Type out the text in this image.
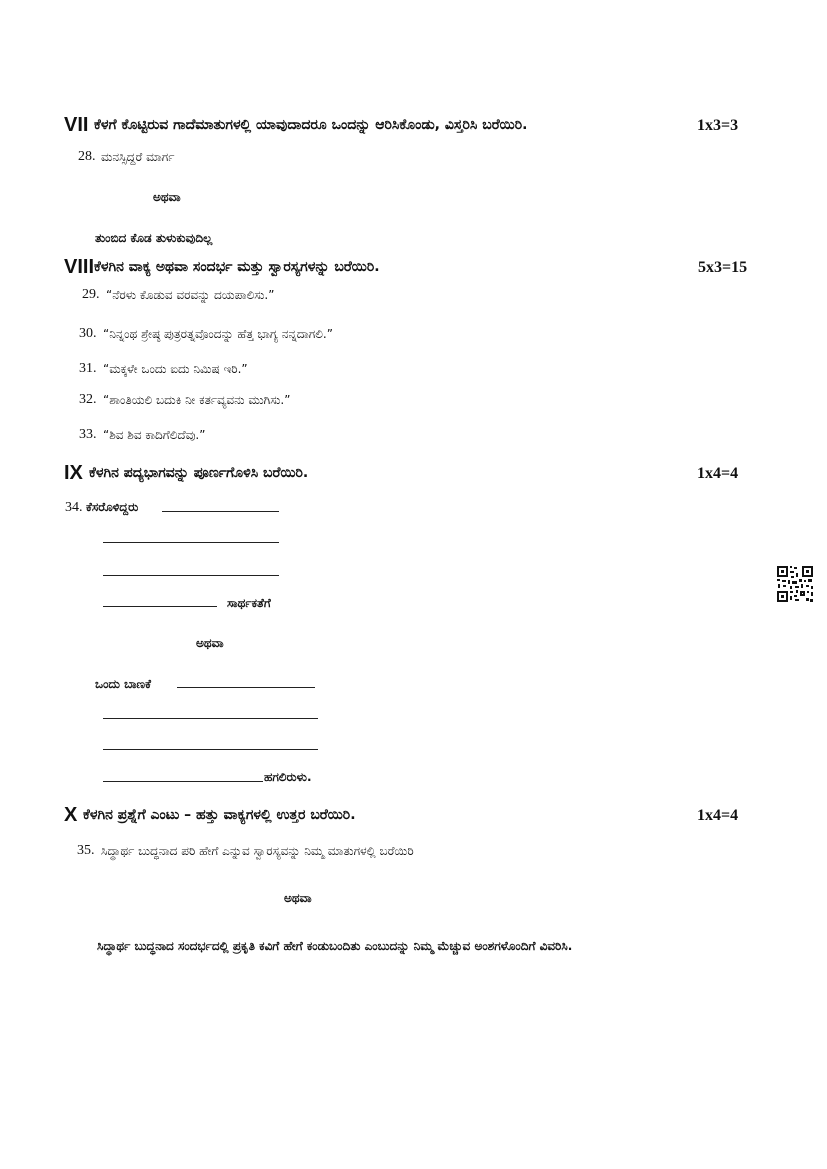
VII ಕೆಳಗೆ ಕೊಟ್ಟಿರುವ ಗಾದೆಮಾತುಗಳಲ್ಲಿ ಯಾವುದಾದರೂ ಒಂದನ್ನು ಆರಿಸಿಕೊಂಡು, ವಿಸ್ತರಿಸಿ ಬರೆಯಿರಿ.	1x3=3
28. ಮನಸ್ಸಿದ್ದರೆ ಮಾರ್ಗ
ಅಥವಾ
ತುಂಬಿದ ಕೊಡ ತುಳುಕುವುದಿಲ್ಲ
VIII ಕೆಳಗಿನ ವಾಕ್ಯ ಅಥವಾ ಸಂದರ್ಭ ಮತ್ತು ಸ್ವಾರಸ್ಯಗಳನ್ನು ಬರೆಯಿರಿ.	5x3=15
29. “ನೆರಳು ಕೊಡುವ ವರವನ್ನು ದಯಪಾಲಿಸು.”
30. “ನಿನ್ನಂಥ ಶ್ರೇಷ್ಠ ಪುತ್ರರತ್ನವೊಂದನ್ನು ಹೆತ್ತ ಭಾಗ್ಯ ನನ್ನದಾಗಲಿ.”
31. “ಮಕ್ಕಳೇ ಒಂದು ಐದು ನಿಮಿಷ ಇರಿ.”
32. “ಶಾಂತಿಯಲಿ ಬದುಕಿ ನೀ ಕರ್ತವ್ಯವನು ಮುಗಿಸು.”
33. “ಶಿವ ಶಿವ ಕಾದಿಗೆಲಿದೆವು.”
IX ಕೆಳಗಿನ ಪದ್ಯಭಾಗವನ್ನು ಪೂರ್ಣಗೊಳಿಸಿ ಬರೆಯಿರಿ.	1x4=4
34. ಕೆಸರೊಳಿದ್ದರು
ಸಾರ್ಥಕತೆಗೆ
ಅಥವಾ
ಒಂದು ಬಾಣಕೆ
ಹಗಲಿರುಳು.
X ಕೆಳಗಿನ ಪ್ರಶ್ನೆಗೆ ಎಂಟು – ಹತ್ತು ವಾಕ್ಯಗಳಲ್ಲಿ ಉತ್ತರ ಬರೆಯಿರಿ.	1x4=4
35. ಸಿದ್ಧಾರ್ಥ ಬುದ್ಧನಾದ ಪರಿ ಹೇಗೆ ಎನ್ನುವ ಸ್ವಾರಸ್ಯವನ್ನು ನಿಮ್ಮ ಮಾತುಗಳಲ್ಲಿ ಬರೆಯಿರಿ
ಅಥವಾ
ಸಿದ್ಧಾರ್ಥ ಬುದ್ಧನಾದ ಸಂದರ್ಭದಲ್ಲಿ ಪ್ರಕೃತಿ ಕವಿಗೆ ಹೇಗೆ ಕಂಡುಬಂದಿತು ಎಂಬುದನ್ನು ನಿಮ್ಮ ಮೆಚ್ಚುವ ಅಂಶಗಳೊಂದಿಗೆ ವಿವರಿಸಿ.
